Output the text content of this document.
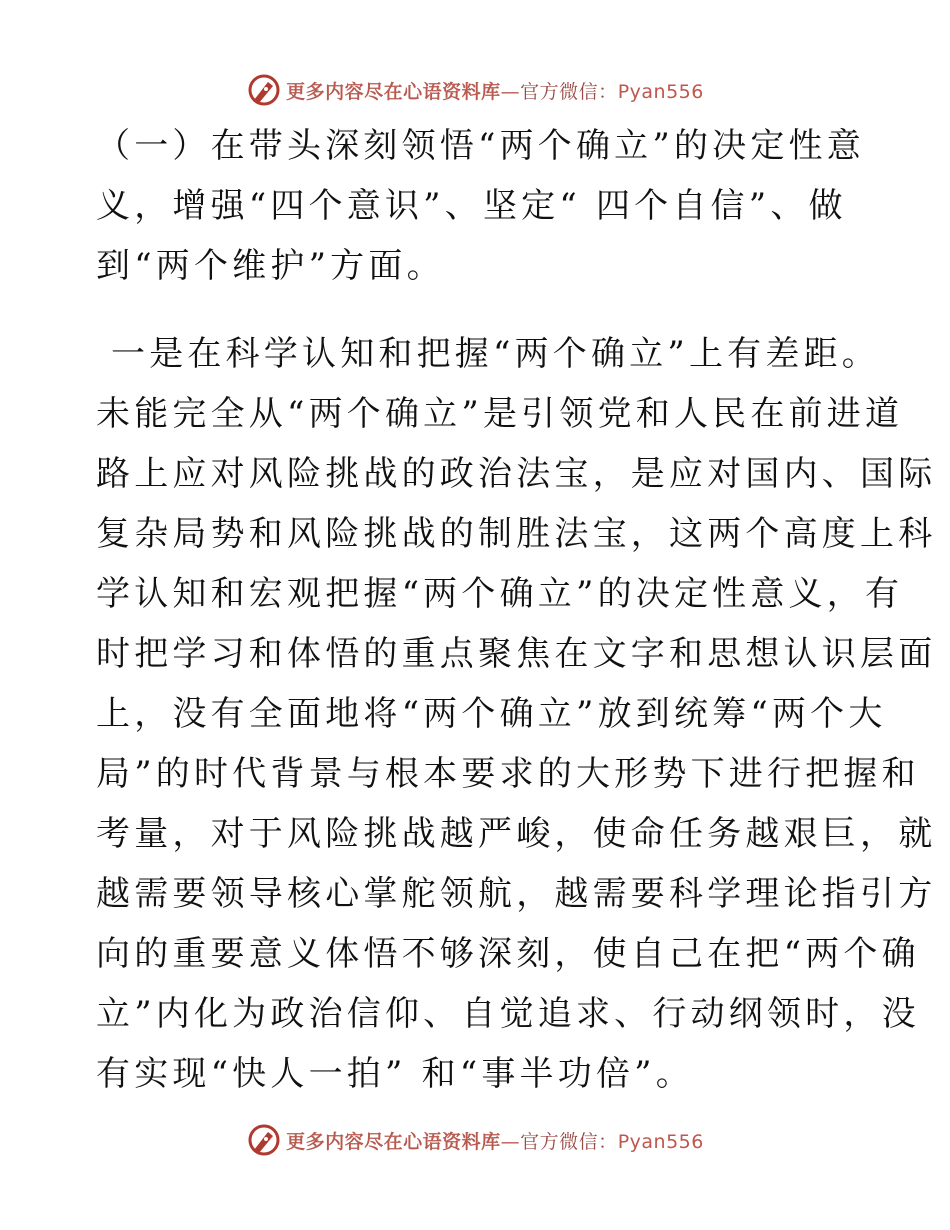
更多内容尽在心语资料库—官方微信：Pyan556

（一）在带头深刻领悟“两个确立”的决定性意
义，增强“四个意识”、坚定“ 四个自信”、做
到“两个维护”方面。

一是在科学认知和把握“两个确立”上有差距。
未能完全从“两个确立”是引领党和人民在前进道
路上应对风险挑战的政治法宝，是应对国内、国际
复杂局势和风险挑战的制胜法宝，这两个高度上科
学认知和宏观把握“两个确立”的决定性意义，有
时把学习和体悟的重点聚焦在文字和思想认识层面
上，没有全面地将“两个确立”放到统筹“两个大
局”的时代背景与根本要求的大形势下进行把握和
考量，对于风险挑战越严峻，使命任务越艰巨，就
越需要领导核心掌舵领航，越需要科学理论指引方
向的重要意义体悟不够深刻，使自己在把“两个确
立”内化为政治信仰、自觉追求、行动纲领时，没
有实现“快人一拍” 和“事半功倍”。

更多内容尽在心语资料库—官方微信：Pyan556
